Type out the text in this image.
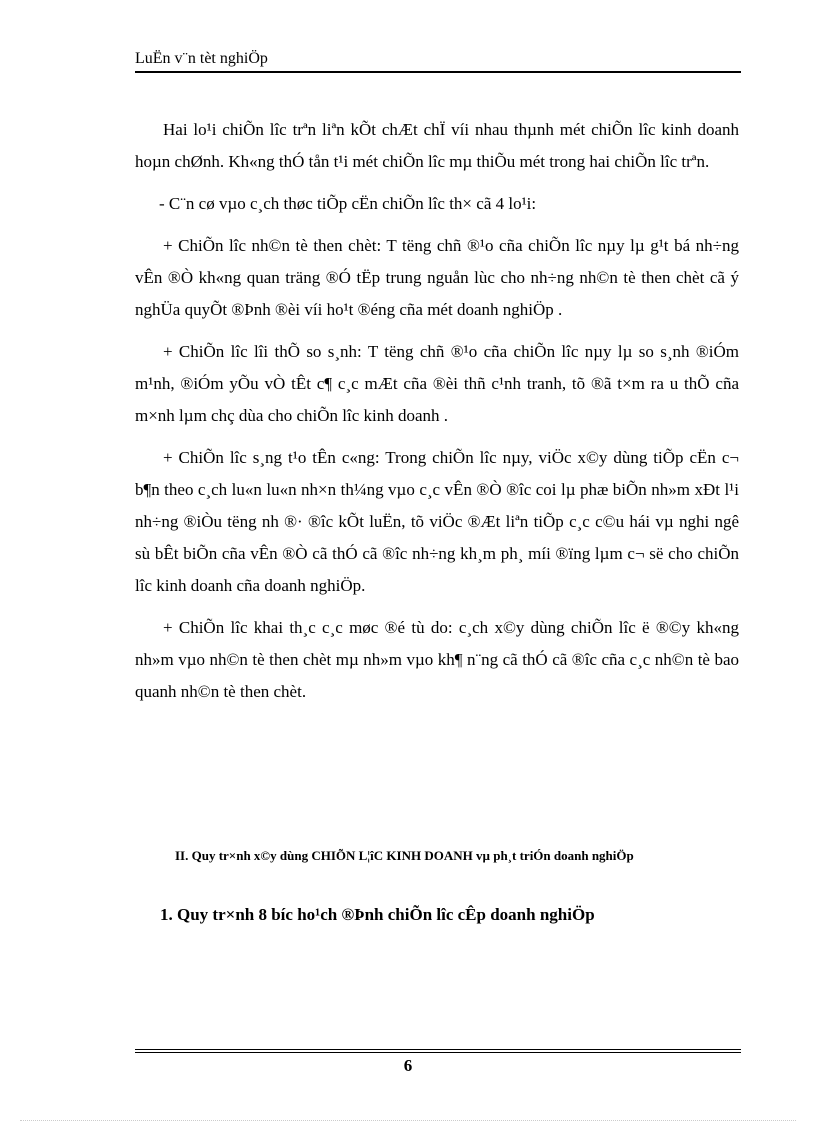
LuËn v¨n tèt nghiÖp

Hai lo¹i chiÕn lîc trªn liªn kÕt chÆt chÏ víi nhau thµnh mét chiÕn lîc kinh doanh hoµn chØnh. Kh«ng thÓ tån t¹i mét chiÕn lîc mµ thiÕu mét trong hai chiÕn lîc trªn.

- C¨n cø vµo c¸ch thøc tiÕp cËn chiÕn lîc th× cã 4 lo¹i:

+ ChiÕn lîc nh©n tè then chèt: T tëng chñ ®¹o cña chiÕn lîc nµy lµ g¹t bá nh÷ng vÊn ®Ò kh«ng quan träng ®Ó tËp trung nguån lùc cho nh÷ng nh©n tè then chèt cã ý nghÜa quyÕt ®Þnh ®èi víi ho¹t ®éng cña mét doanh nghiÖp .

+ ChiÕn lîc lîi thÕ so s¸nh: T tëng chñ ®¹o cña chiÕn lîc nµy lµ so s¸nh ®iÓm m¹nh, ®iÓm yÕu vÒ tÊt c¶ c¸c mÆt cña ®èi thñ c¹nh tranh, tõ ®ã t×m ra u thÕ cña m×nh lµm chç dùa cho chiÕn lîc kinh doanh .

+ ChiÕn lîc s¸ng t¹o tÊn c«ng: Trong chiÕn lîc nµy, viÖc x©y dùng tiÕp cËn c¬ b¶n theo c¸ch lu«n lu«n nh×n th¼ng vµo c¸c vÊn ®Ò ®îc coi lµ phæ biÕn nh»m xÐt l¹i nh÷ng ®iÒu tëng nh ®· ®îc kÕt luËn, tõ viÖc ®Æt liªn tiÕp c¸c c©u hái vµ nghi ngê sù bÊt biÕn cña vÊn ®Ò cã thÓ cã ®îc nh÷ng kh¸m ph¸ míi ®ïng lµm c¬ së cho chiÕn lîc kinh doanh cña doanh nghiÖp.

+ ChiÕn lîc khai th¸c c¸c møc ®é tù do: c¸ch x©y dùng chiÕn lîc ë ®©y kh«ng nh»m vµo nh©n tè then chèt mµ nh»m vµo kh¶ n¨ng cã thÓ cã ®îc cña c¸c nh©n tè bao quanh nh©n tè then chèt.

II. Quy tr×nh x©y dùng CHIÕN L¦îC KINH DOANH vµ ph¸t triÓn doanh nghiÖp
1. Quy tr×nh 8 bíc ho¹ch ®Þnh chiÕn lîc cÊp doanh nghiÖp
6
